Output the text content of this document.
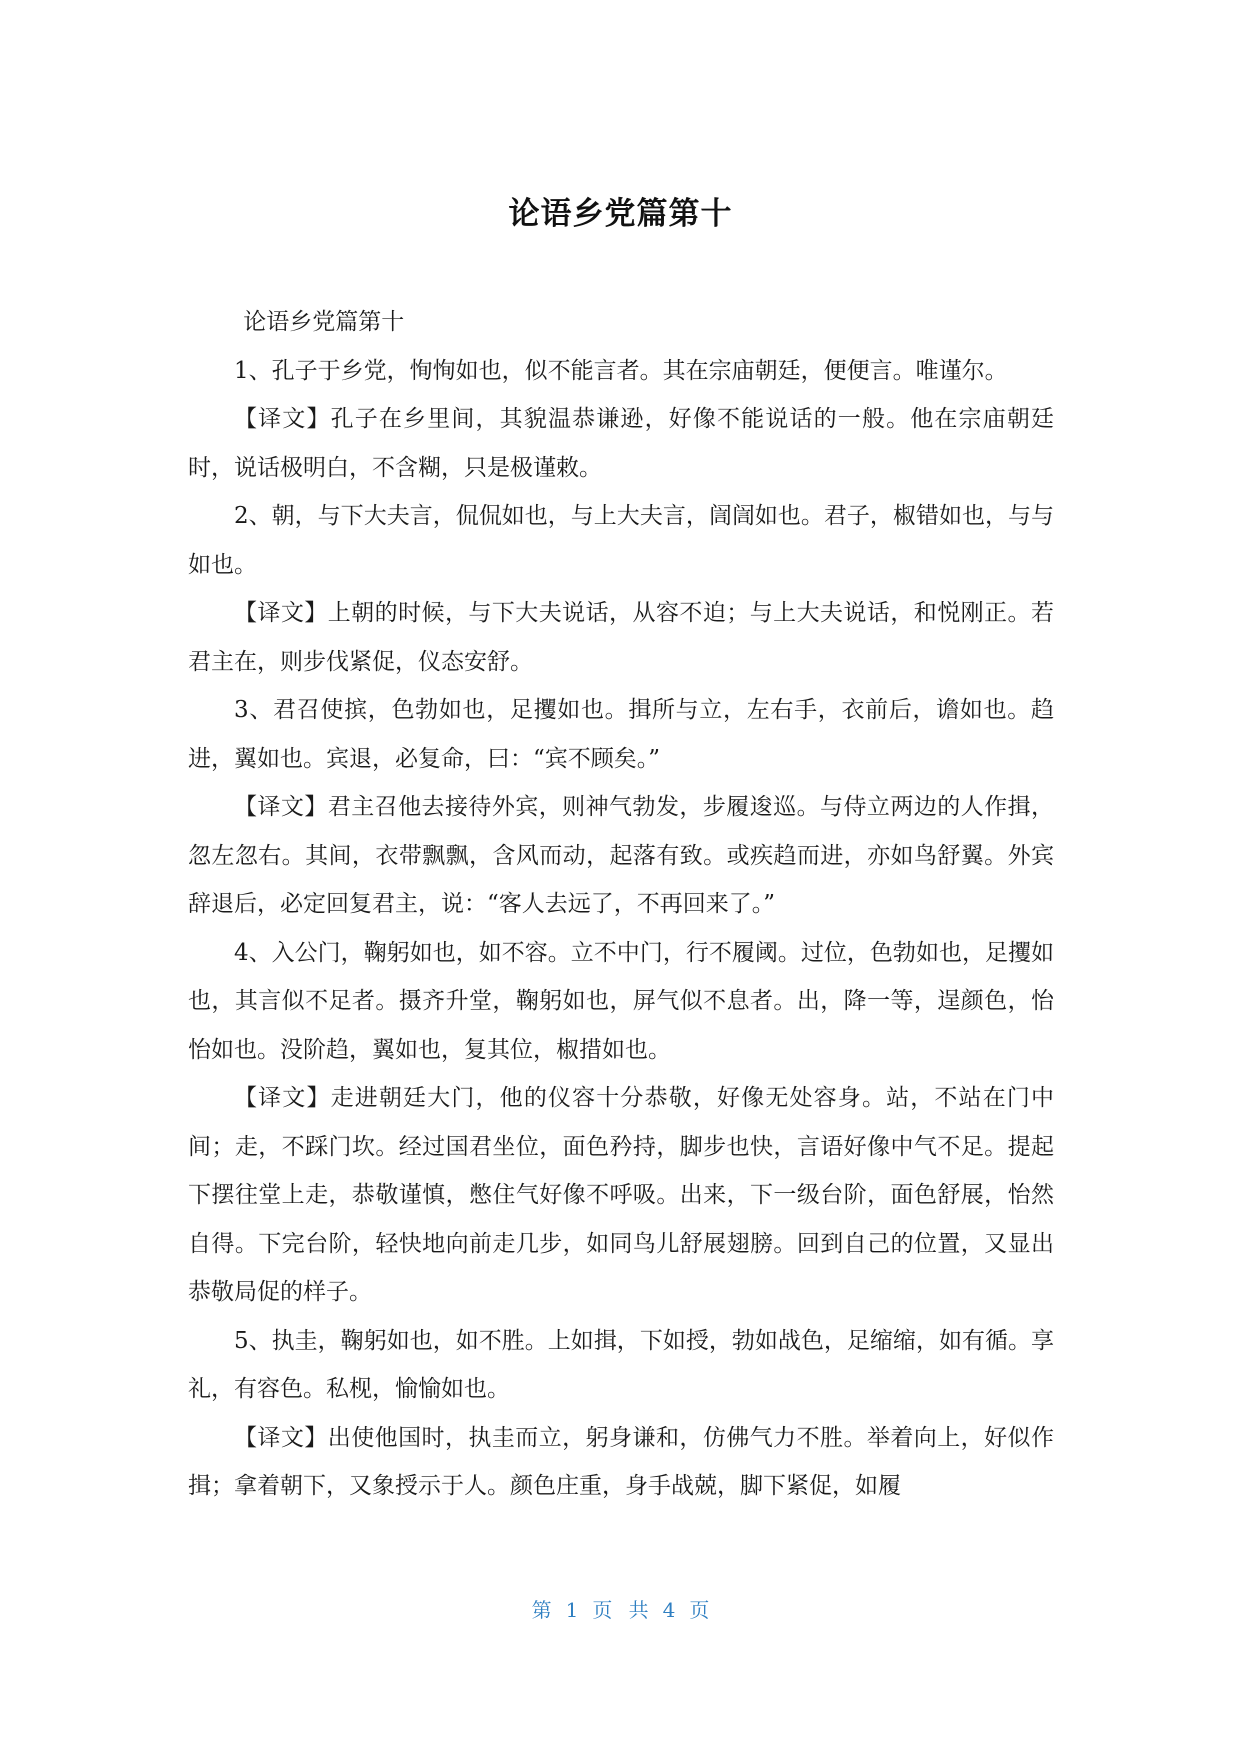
论语乡党篇第十

论语乡党篇第十

1、孔子于乡党，恂恂如也，似不能言者。其在宗庙朝廷，便便言。唯谨尔。

【译文】孔子在乡里间，其貌温恭谦逊，好像不能说话的一般。他在宗庙朝廷时，说话极明白，不含糊，只是极谨敕。

2、朝，与下大夫言，侃侃如也，与上大夫言，訚訚如也。君子，椒错如也，与与如也。

【译文】上朝的时候，与下大夫说话，从容不迫；与上大夫说话，和悦刚正。若君主在，则步伐紧促，仪态安舒。

3、君召使摈，色勃如也，足攫如也。揖所与立，左右手，衣前后，谵如也。趋进，翼如也。宾退，必复命，曰：“宾不顾矣。”

【译文】君主召他去接待外宾，则神气勃发，步履逡巡。与侍立两边的人作揖，忽左忽右。其间，衣带飘飘，含风而动，起落有致。或疾趋而进，亦如鸟舒翼。外宾辞退后，必定回复君主，说：“客人去远了，不再回来了。”

4、入公门，鞠躬如也，如不容。立不中门，行不履阈。过位，色勃如也，足攫如也，其言似不足者。摄齐升堂，鞠躬如也，屏气似不息者。出，降一等，逞颜色，怡怡如也。没阶趋，翼如也，复其位，椒措如也。

【译文】走进朝廷大门，他的仪容十分恭敬，好像无处容身。站，不站在门中间；走，不踩门坎。经过国君坐位，面色矜持，脚步也快，言语好像中气不足。提起下摆往堂上走，恭敬谨慎，憋住气好像不呼吸。出来，下一级台阶，面色舒展，怡然自得。下完台阶，轻快地向前走几步，如同鸟儿舒展翅膀。回到自己的位置，又显出恭敬局促的样子。

5、执圭，鞠躬如也，如不胜。上如揖，下如授，勃如战色，足缩缩，如有循。享礼，有容色。私枧，愉愉如也。

【译文】出使他国时，执圭而立，躬身谦和，仿佛气力不胜。举着向上，好似作揖；拿着朝下，又象授示于人。颜色庄重，身手战兢，脚下紧促，如履

第 1 页 共 4 页
